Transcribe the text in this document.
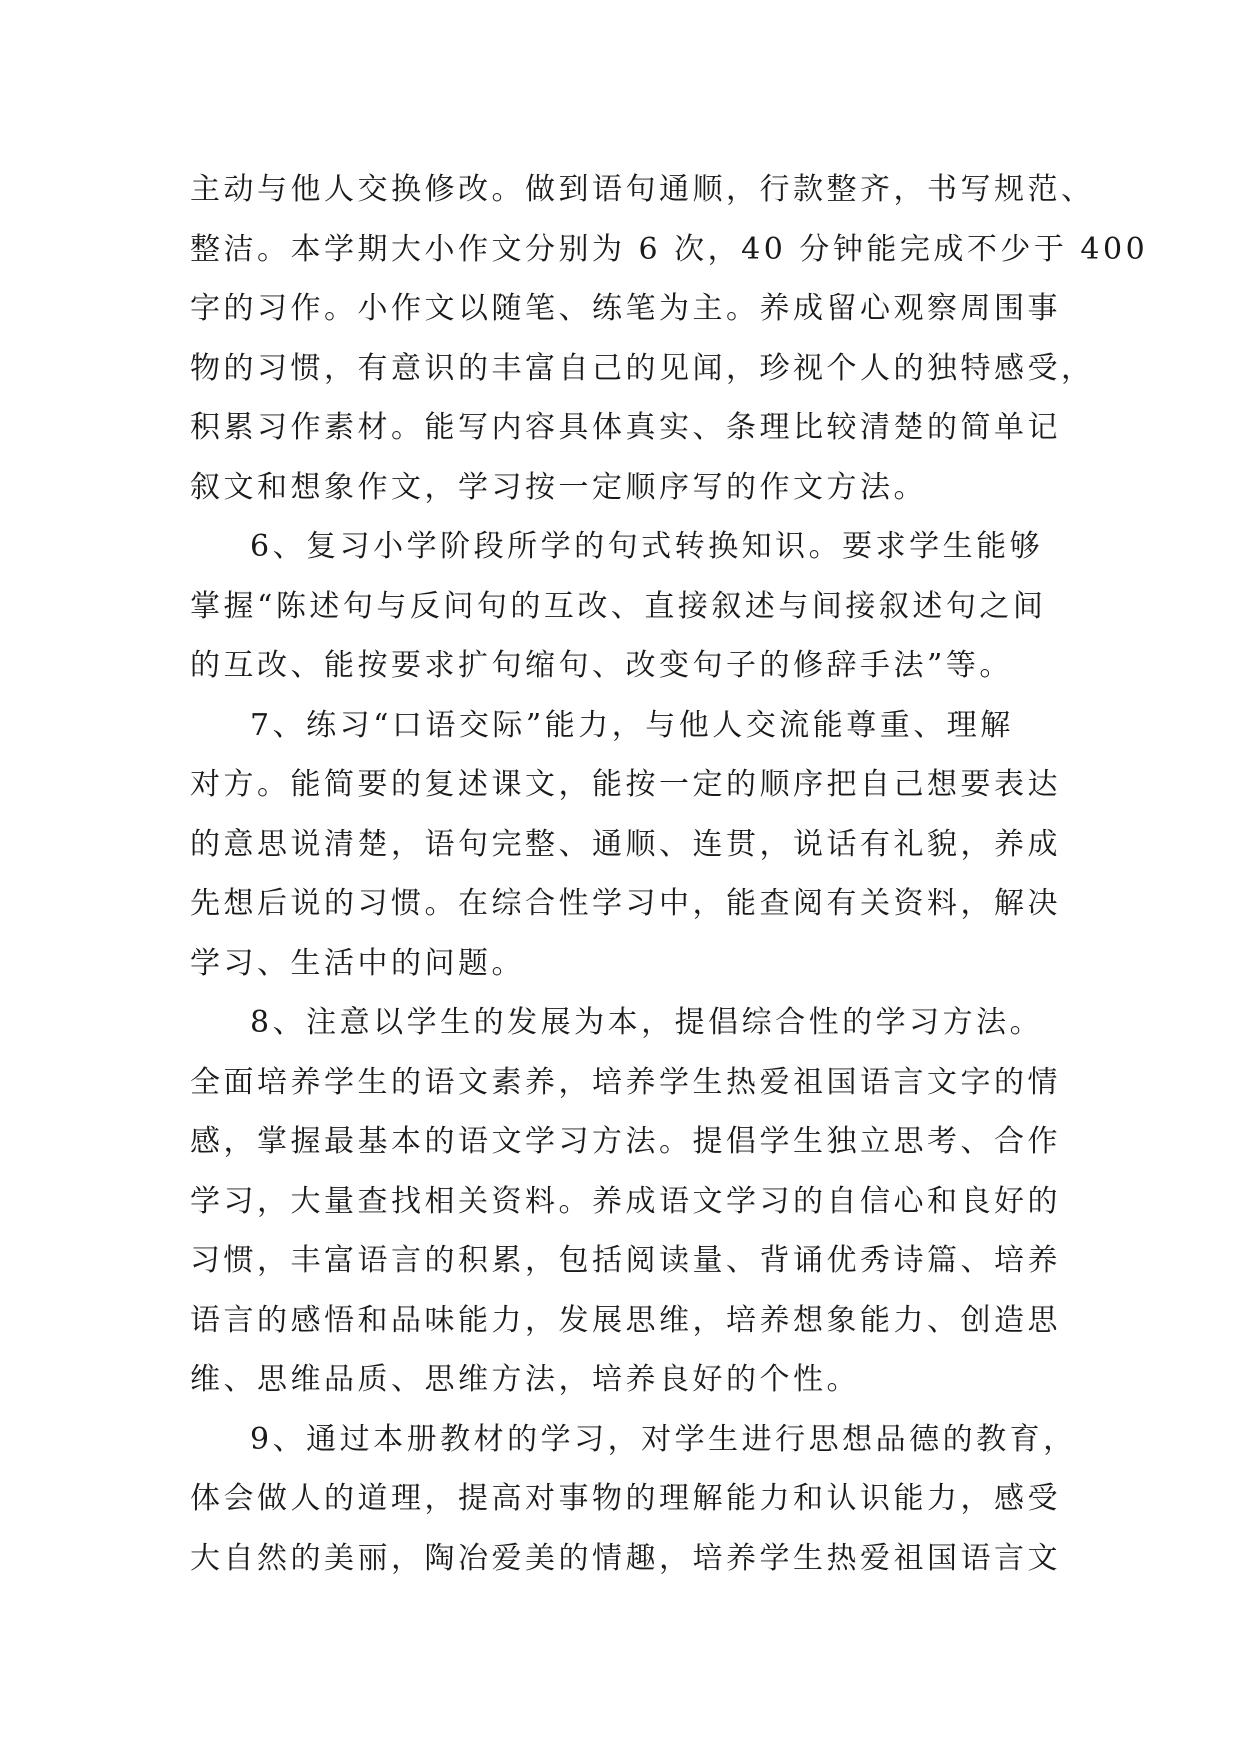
主动与他人交换修改。做到语句通顺，行款整齐，书写规范、
整洁。本学期大小作文分别为 6 次，40 分钟能完成不少于 400
字的习作。小作文以随笔、练笔为主。养成留心观察周围事
物的习惯，有意识的丰富自己的见闻，珍视个人的独特感受，
积累习作素材。能写内容具体真实、条理比较清楚的简单记
叙文和想象作文，学习按一定顺序写的作文方法。
6、复习小学阶段所学的句式转换知识。要求学生能够
掌握“陈述句与反问句的互改、直接叙述与间接叙述句之间
的互改、能按要求扩句缩句、改变句子的修辞手法”等。
7、练习“口语交际”能力，与他人交流能尊重、理解
对方。能简要的复述课文，能按一定的顺序把自己想要表达
的意思说清楚，语句完整、通顺、连贯，说话有礼貌，养成
先想后说的习惯。在综合性学习中，能查阅有关资料，解决
学习、生活中的问题。
8、注意以学生的发展为本，提倡综合性的学习方法。
全面培养学生的语文素养，培养学生热爱祖国语言文字的情
感，掌握最基本的语文学习方法。提倡学生独立思考、合作
学习，大量查找相关资料。养成语文学习的自信心和良好的
习惯，丰富语言的积累，包括阅读量、背诵优秀诗篇、培养
语言的感悟和品味能力，发展思维，培养想象能力、创造思
维、思维品质、思维方法，培养良好的个性。
9、通过本册教材的学习，对学生进行思想品德的教育，
体会做人的道理，提高对事物的理解能力和认识能力，感受
大自然的美丽，陶冶爱美的情趣，培养学生热爱祖国语言文
